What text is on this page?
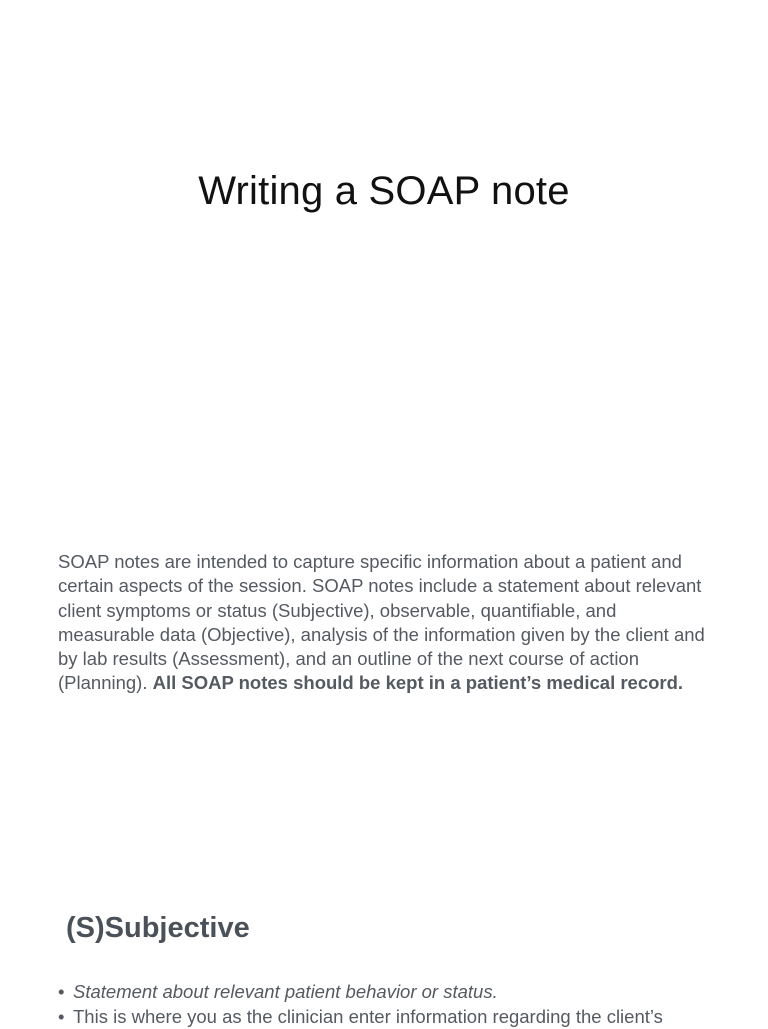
Writing a SOAP note

SOAP notes are intended to capture specific information about a patient and certain aspects of the session. SOAP notes include a statement about relevant client symptoms or status (Subjective), observable, quantifiable, and measurable data (Objective), analysis of the information given by the client and by lab results (Assessment), and an outline of the next course of action (Planning). All SOAP notes should be kept in a patient’s medical record.

(S)Subjective
• Statement about relevant patient behavior or status.
• This is where you as the clinician enter information regarding the client’s
